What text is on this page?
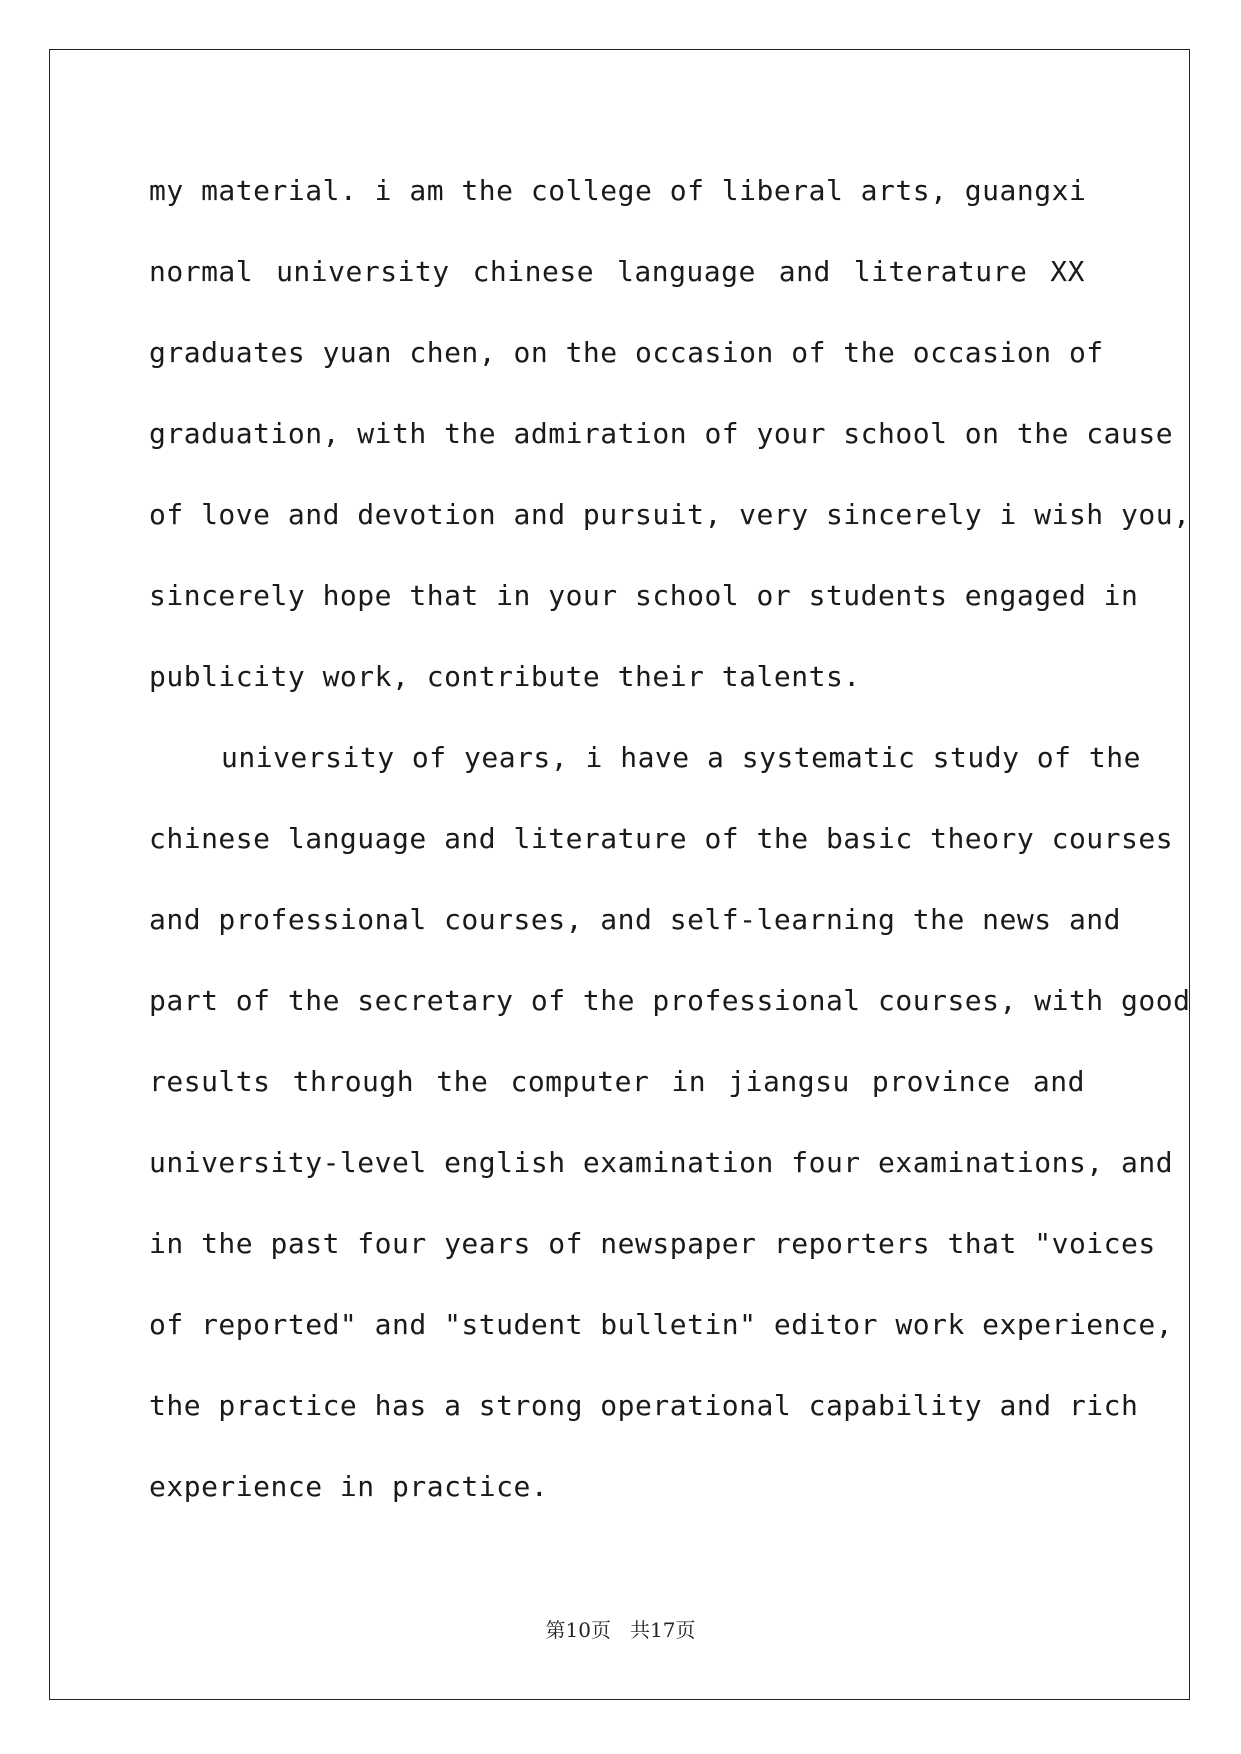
my material. i am the college of liberal arts, guangxi
normal university chinese language and literature XX
graduates yuan chen, on the occasion of the occasion of
graduation, with the admiration of your school on the cause
of love and devotion and pursuit, very sincerely i wish you,
sincerely hope that in your school or students engaged in
publicity work, contribute their talents.
university of years, i have a systematic study of the
chinese language and literature of the basic theory courses
and professional courses, and self-learning the news and
part of the secretary of the professional courses, with good
results through the computer in jiangsu province and
university-level english examination four examinations, and
in the past four years of newspaper reporters that "voices
of reported" and "student bulletin" editor work experience,
the practice has a strong operational capability and rich
experience in practice.
第10页 共17页
